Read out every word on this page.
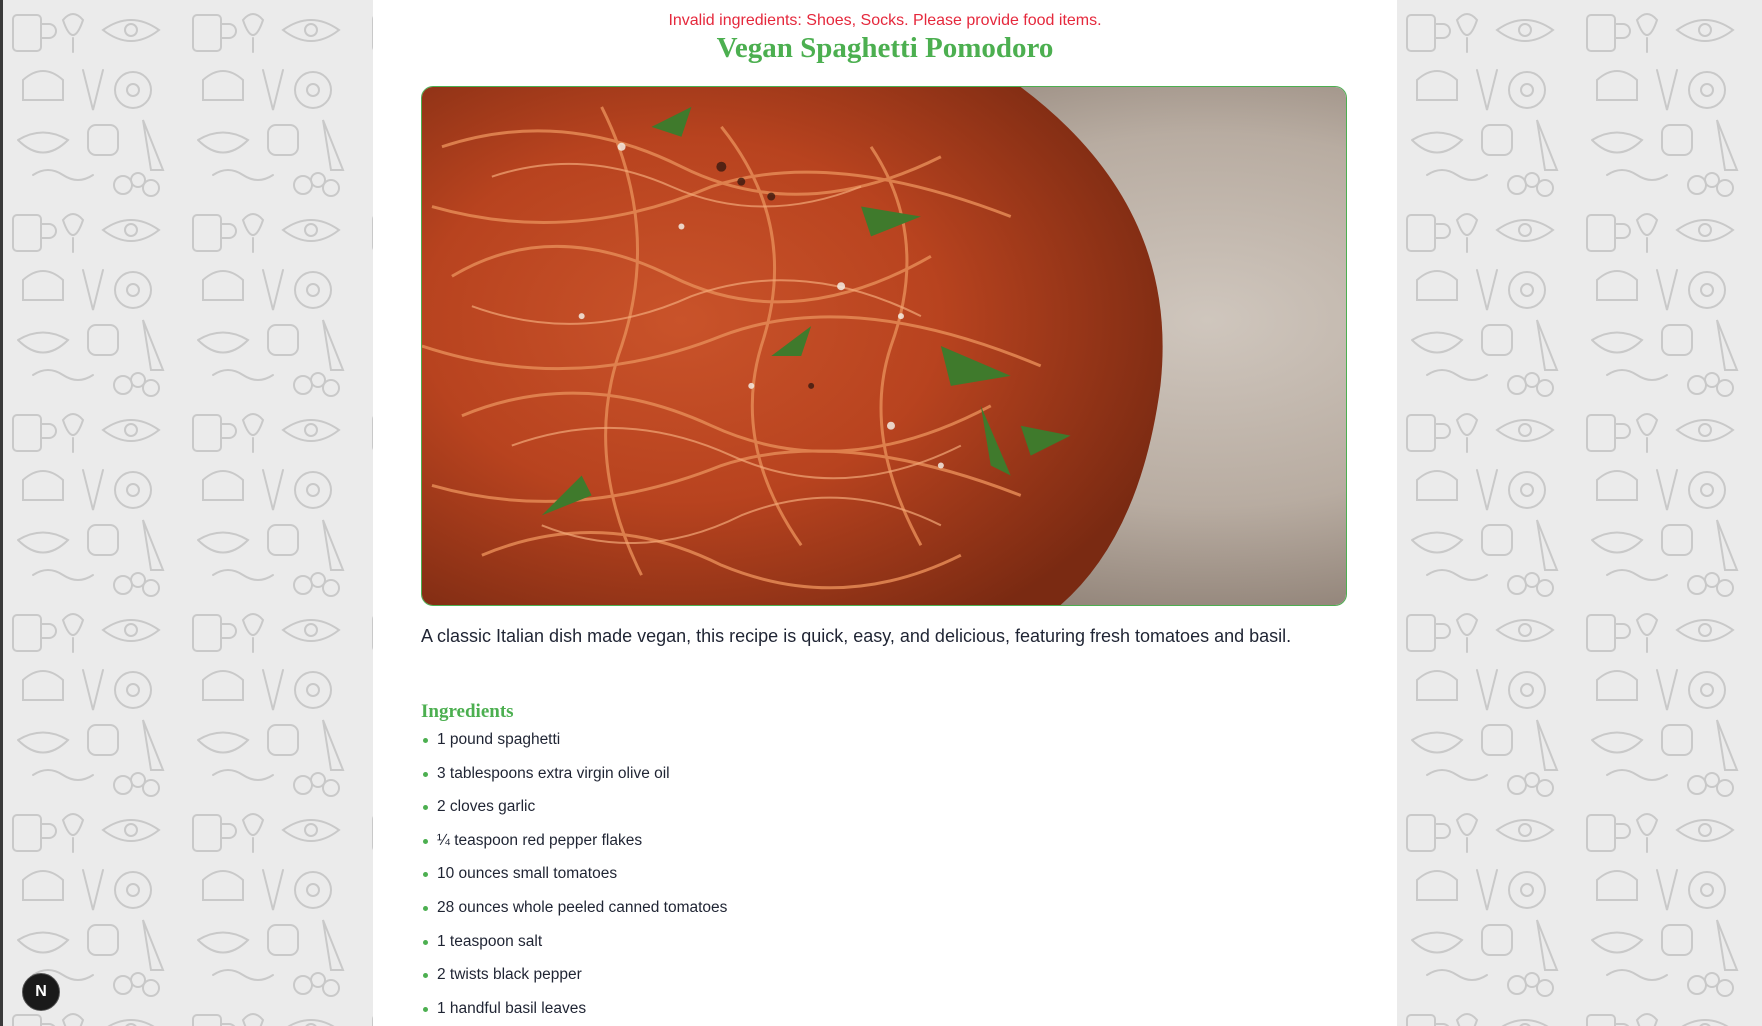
Invalid ingredients: Shoes, Socks. Please provide food items.
Vegan Spaghetti Pomodoro

A classic Italian dish made vegan, this recipe is quick, easy, and delicious, featuring fresh tomatoes and basil.

Ingredients
1 pound spaghetti
3 tablespoons extra virgin olive oil
2 cloves garlic
¼ teaspoon red pepper flakes
10 ounces small tomatoes
28 ounces whole peeled canned tomatoes
1 teaspoon salt
2 twists black pepper
1 handful basil leaves
N
